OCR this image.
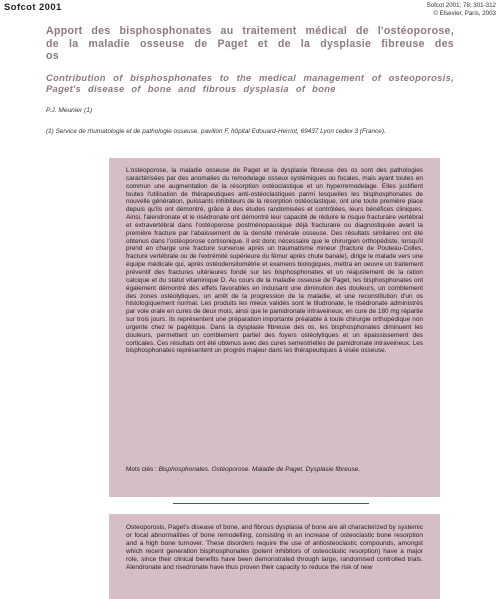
Sofcot 2001	Sofcot 2001; 78: 301-312
© Elsevier, Paris, 2003
Apport des bisphosphonates au traitement médical de l'ostéoporose, de la maladie osseuse de Paget et de la dysplasie fibreuse des os
Contribution of bisphosphonates to the medical management of osteoporosis, Paget's disease of bone and fibrous dysplasia of bone
P.J. Meunier (1)
(1) Service de rhumatologie et de pathologie osseuse, pavillon F, hôpital Edouard-Herriot, 69437 Lyon cedex 3 (France).

L'ostéoporose, la maladie osseuse de Paget et la dysplasie fibreuse des os sont des pathologies caractérisées par des anomalies du remodelage osseux systémiques ou focales, mais ayant toutes en commun une augmentation de la résorption ostéoclastique et un hyperremodelage. Elles justifient toutes l'utilisation de thérapeutiques anti-ostéoclastiques parmi lesquelles les bisphosphonates de nouvelle génération, puissants inhibiteurs de la résorption ostéoclastique, ont une toute première place depuis qu'ils ont démontré, grâce à des études randomisées et contrôlées, leurs bénéfices cliniques. Ainsi, l'alendronate et le risédronate ont démontré leur capacité de réduire le risque fracturaire vertébral et extravertébral dans l'ostéoporose postménopausique déjà fracturaire ou diagnostiquée avant la première fracture par l'abaissement de la densité minérale osseuse. Des résultats similaires ont été obtenus dans l'ostéoporose cortisonique. Il est donc nécessaire que le chirurgien orthopédiste, lorsqu'il prend en charge une fracture survenue après un traumatisme mineur (fracture de Pouteau-Colles, fracture vertébrale ou de l'extrémité supérieure du fémur après chute banale), dirige le malade vers une équipe médicale qui, après ostéodensitométrie et examens biologiques, mettra en oeuvre un traitement préventif des fractures ultérieures fondé sur les bisphosphonates et un réajustement de la ration calcique et du statut vitaminique D. Au cours de la maladie osseuse de Paget, les bisphosphonates ont également démontré des effets favorables en induisant une diminution des douleurs, un comblement des zones ostéolytiques, un arrêt de la progression de la maladie, et une reconstitution d'un os histologiquement normal. Les produits les mieux validés sont le tiludronate, le risédronate administrés par voie orale en cures de deux mois, ainsi que le pamidronate intraveineux, en cure de 180 mg répartie sur trois jours. Ils représentent une préparation importante préalable à toute chirurgie orthopédique non urgente chez le pagétique. Dans la dysplasie fibreuse des os, les bisphosphonates diminuent les douleurs, permettent un comblement partiel des foyers ostéolytiques et un épaississement des corticales. Ces résultats ont été obtenus avec des cures semestrielles de pamidronate intraveineux. Les bisphosphonates représentent un progrès majeur dans les thérapeutiques à visée osseuse.

Mots clés : Bisphosphonates. Ostéoporose. Maladie de Paget. Dysplasie fibreuse.

Osteoporosis, Paget's disease of bone, and fibrous dysplasia of bone are all characterized by systemic or focal abnormalities of bone remodelling, consisting in an increase of osteoclastic bone resorption and a high bone turnover. These disorders require the use of antiosteoclastic compounds, amongst which recent generation bisphosphonates (potent inhibitors of osteoclastic resorption) have a major role, since their clinical benefits have been demonstrated through large, randomised controlled trials. Alendronate and risedronate have thus proven their capacity to reduce the risk of new
